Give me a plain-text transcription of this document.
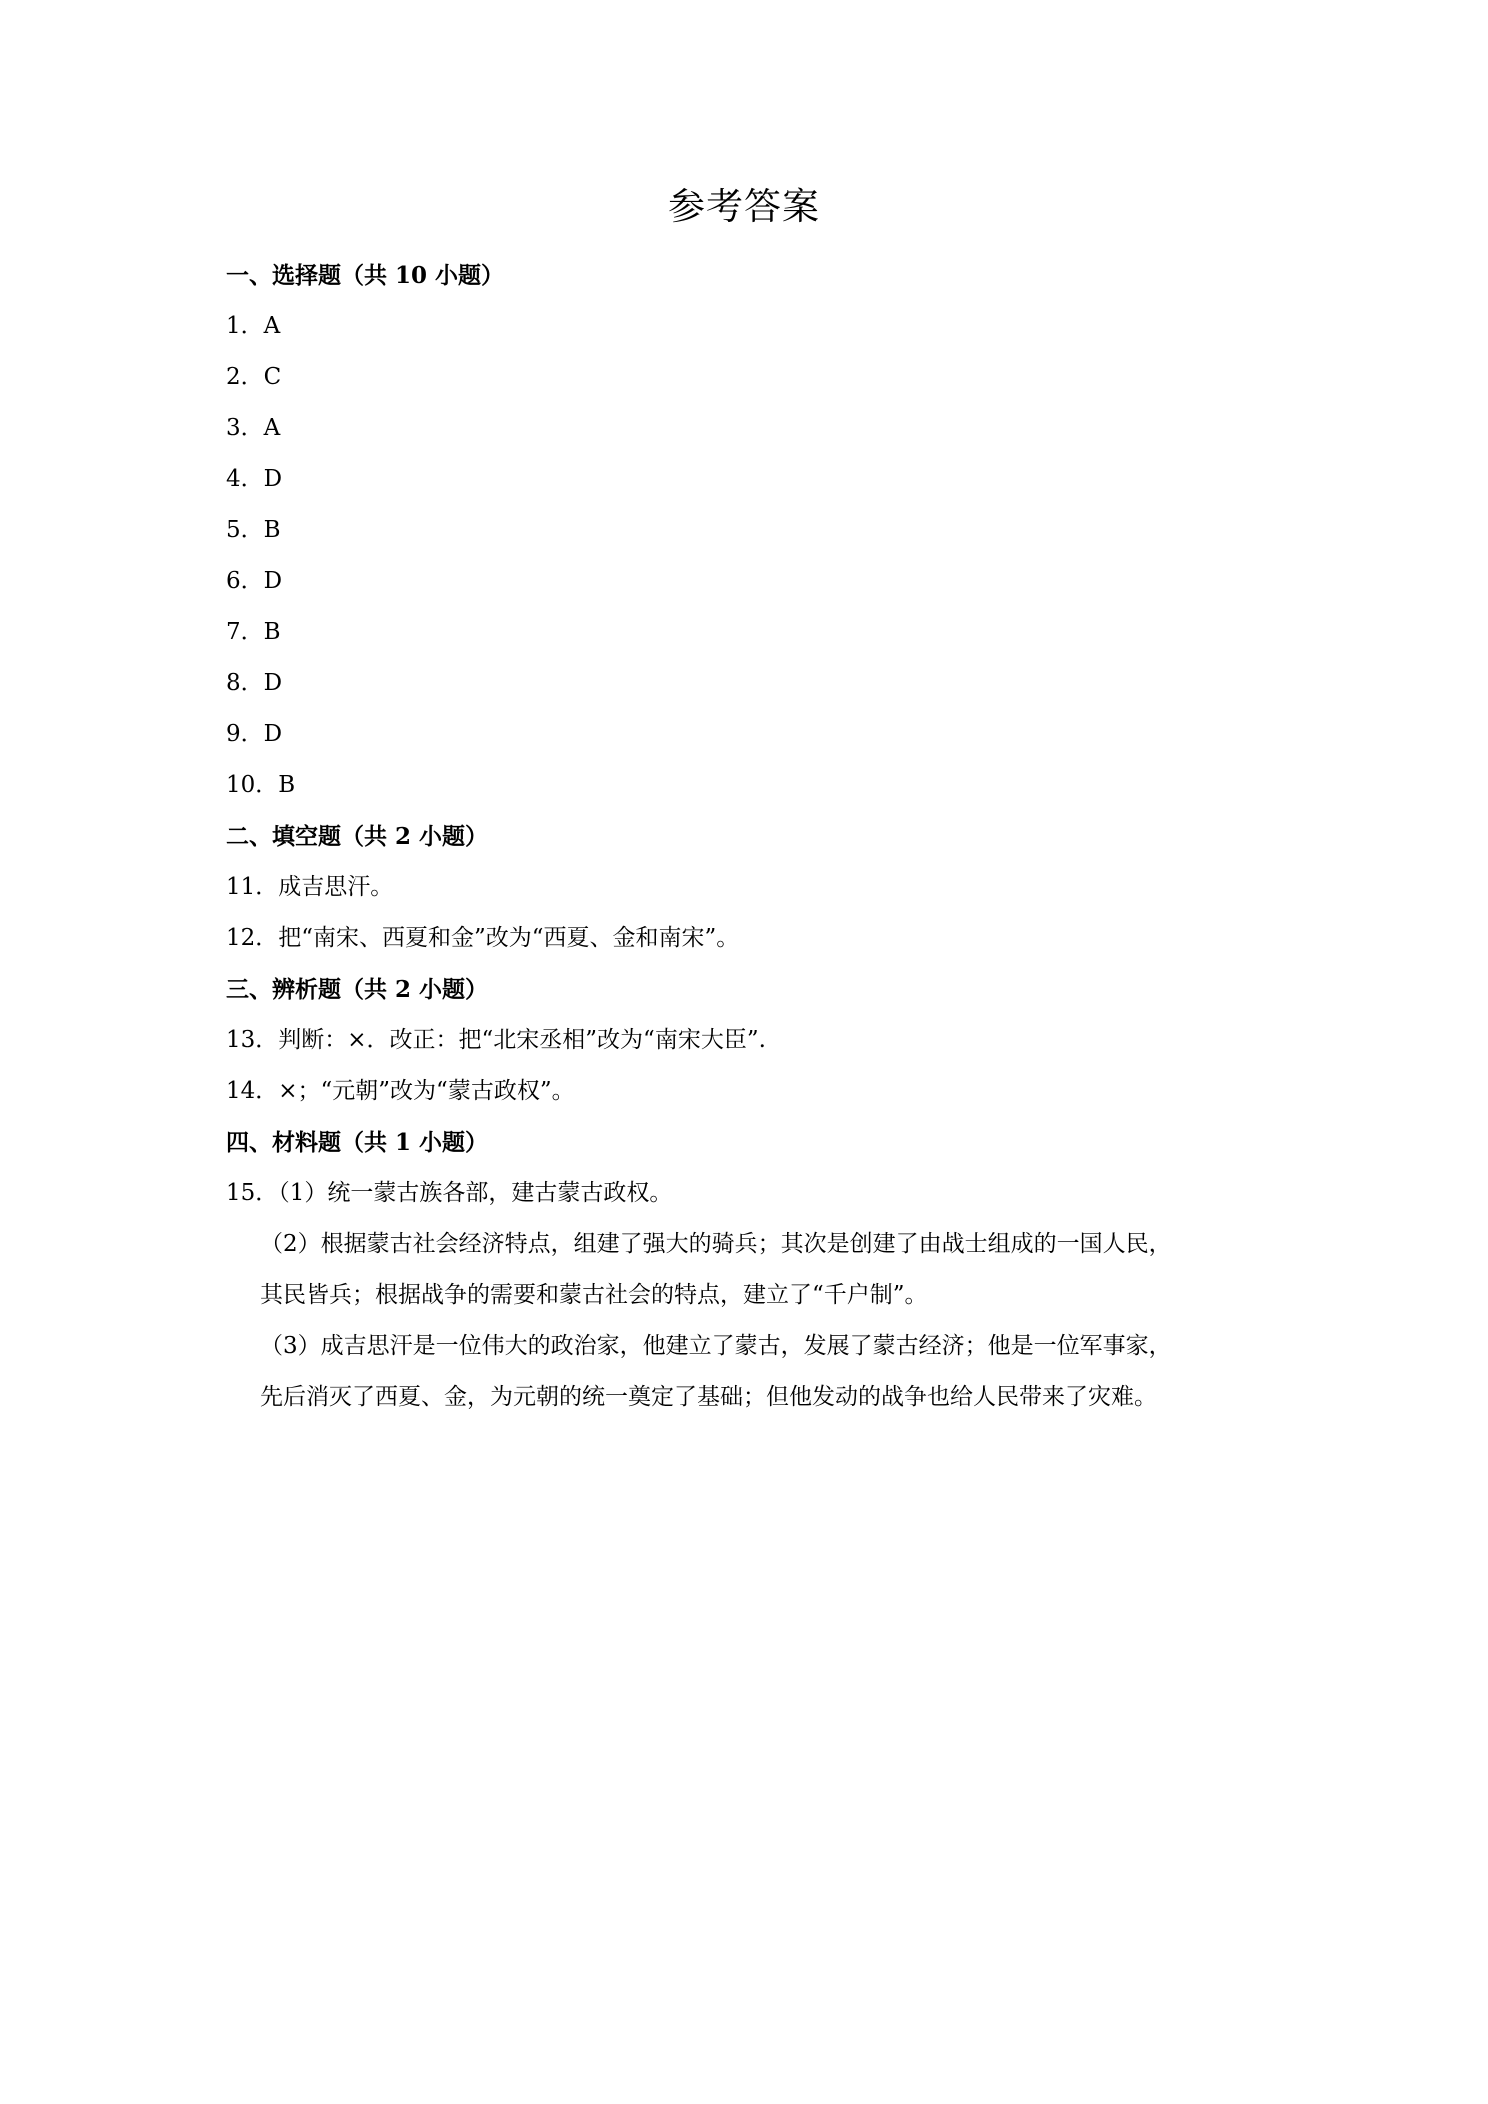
参考答案
一、选择题（共 10 小题）
1．A
2．C
3．A
4．D
5．B
6．D
7．B
8．D
9．D
10．B
二、填空题（共 2 小题）
11．成吉思汗。
12．把“南宋、西夏和金”改为“西夏、金和南宋”。
三、辨析题（共 2 小题）
13．判断：×．改正：把“北宋丞相”改为“南宋大臣”.
14．×；“元朝”改为“蒙古政权”。
四、材料题（共 1 小题）
15．（1）统一蒙古族各部，建古蒙古政权。
（2）根据蒙古社会经济特点，组建了强大的骑兵；其次是创建了由战士组成的一国人民，
其民皆兵；根据战争的需要和蒙古社会的特点，建立了“千户制”。
（3）成吉思汗是一位伟大的政治家，他建立了蒙古，发展了蒙古经济；他是一位军事家，
先后消灭了西夏、金，为元朝的统一奠定了基础；但他发动的战争也给人民带来了灾难。
